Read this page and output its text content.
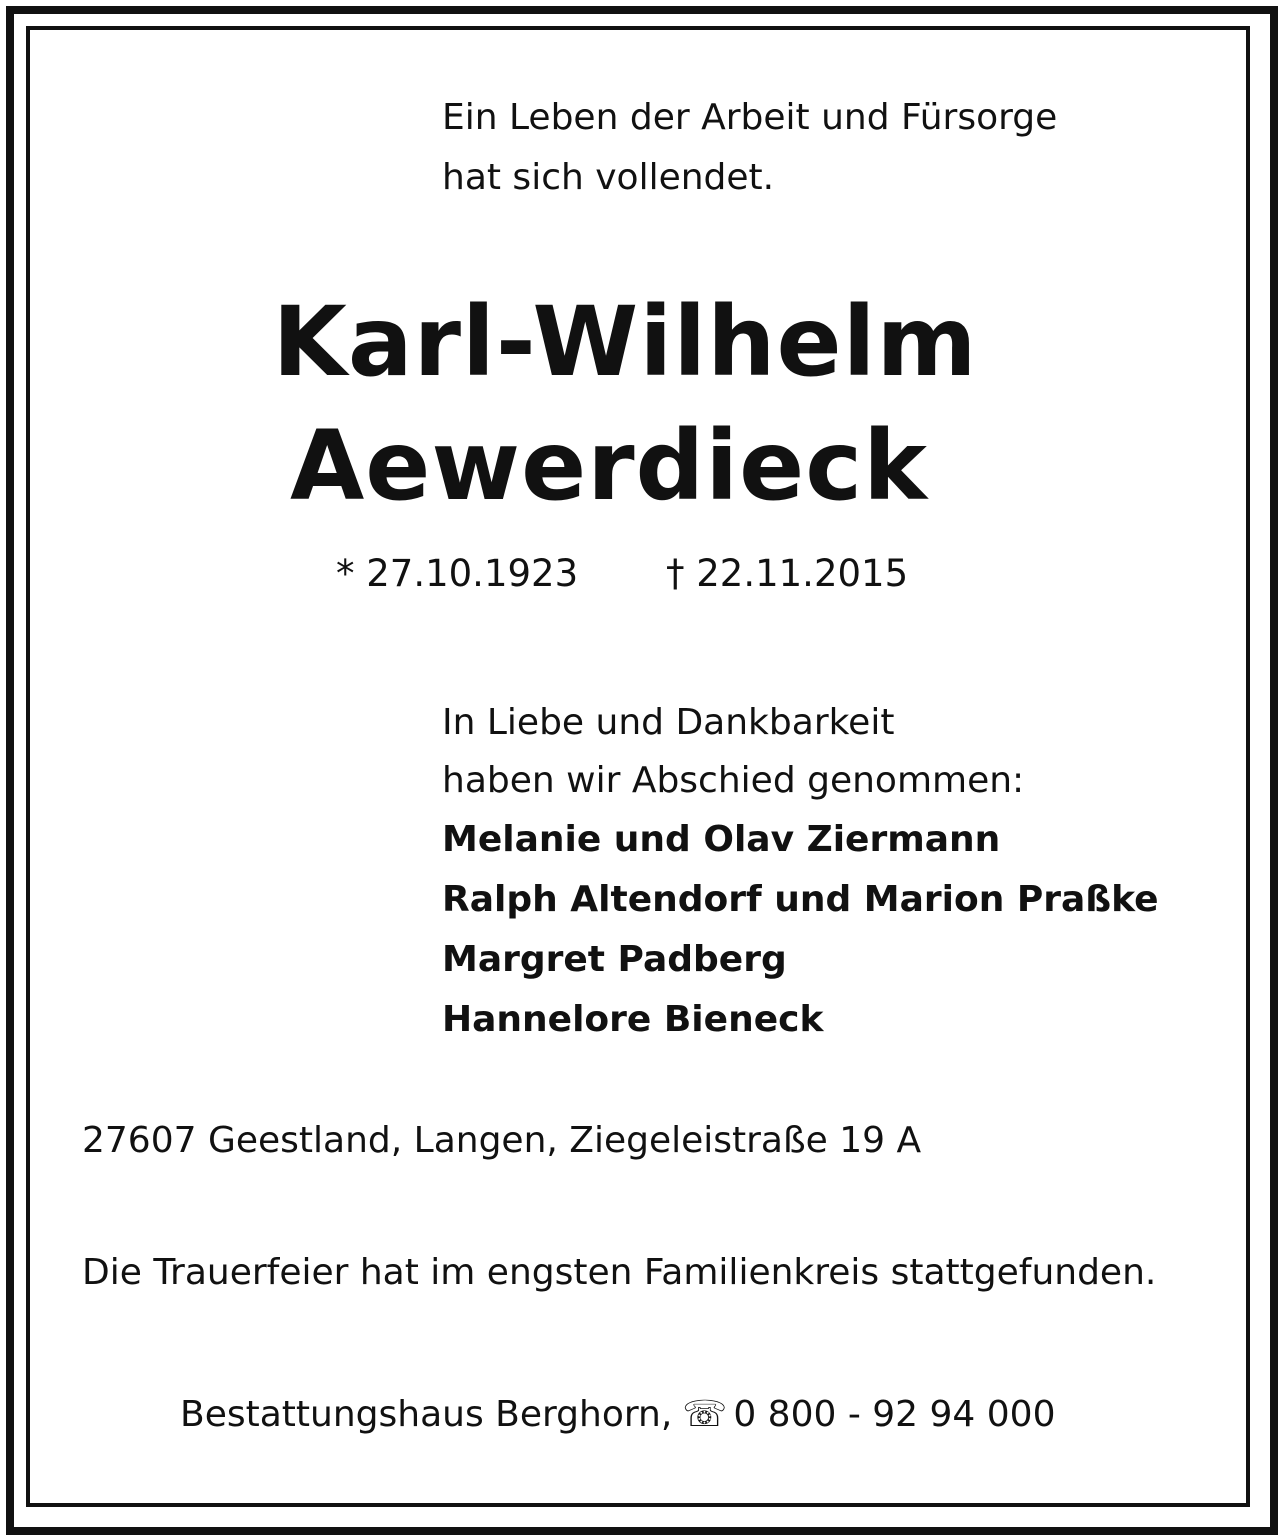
Ein Leben der Arbeit und Fürsorge
hat sich vollendet.
Karl-Wilhelm
Aewerdieck
* 27.10.1923 † 22.11.2015
In Liebe und Dankbarkeit
haben wir Abschied genommen:
Melanie und Olav Ziermann
Ralph Altendorf und Marion Praßke
Margret Padberg
Hannelore Bieneck
27607 Geestland, Langen, Ziegeleistraße 19 A
Die Trauerfeier hat im engsten Familienkreis stattgefunden.
Bestattungshaus Berghorn, ☏ 0 800 - 92 94 000
